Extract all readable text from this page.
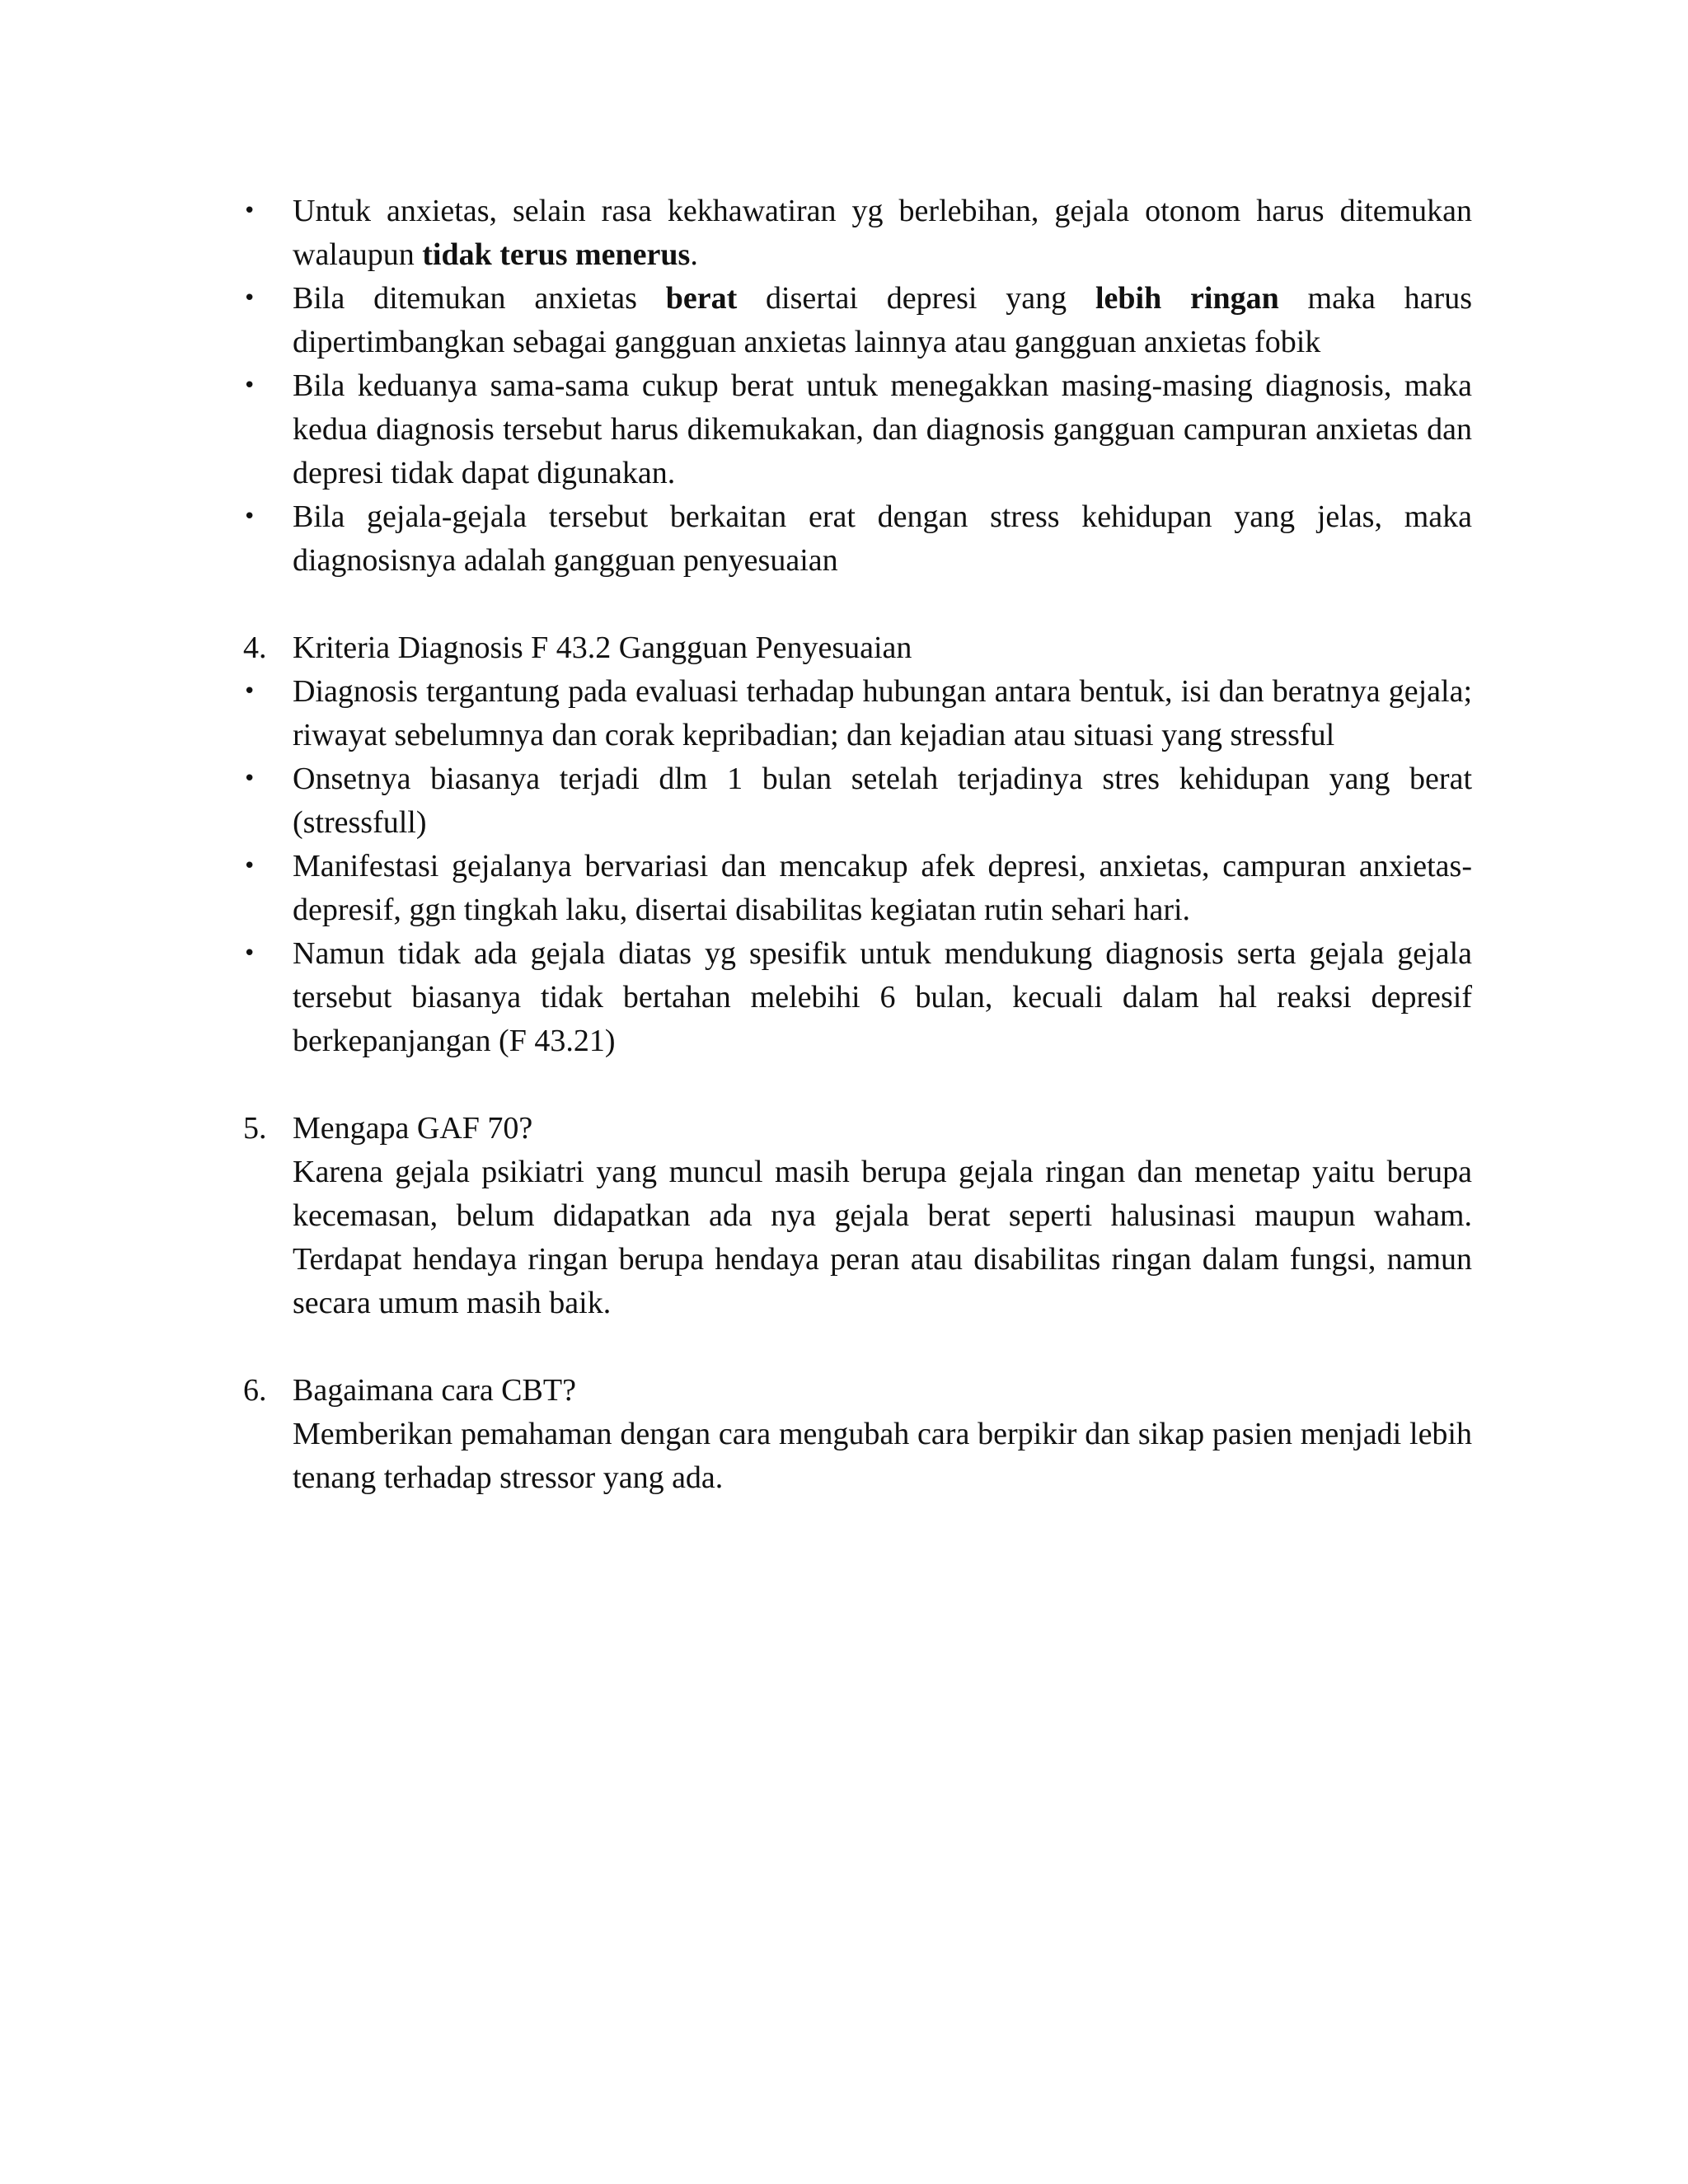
• Untuk anxietas, selain rasa kekhawatiran yg berlebihan, gejala otonom harus ditemukan walaupun tidak terus menerus.
• Bila ditemukan anxietas berat disertai depresi yang lebih ringan maka harus dipertimbangkan sebagai gangguan anxietas lainnya atau gangguan anxietas fobik
• Bila keduanya sama-sama cukup berat untuk menegakkan masing-masing diagnosis, maka kedua diagnosis tersebut harus dikemukakan, dan diagnosis gangguan campuran anxietas dan depresi tidak dapat digunakan.
• Bila gejala-gejala tersebut berkaitan erat dengan stress kehidupan yang jelas, maka diagnosisnya adalah gangguan penyesuaian

4. Kriteria Diagnosis F 43.2 Gangguan Penyesuaian

• Diagnosis tergantung pada evaluasi terhadap hubungan antara bentuk, isi dan beratnya gejala; riwayat sebelumnya dan corak kepribadian; dan kejadian atau situasi yang stressful
• Onsetnya biasanya terjadi dlm 1 bulan setelah terjadinya stres kehidupan yang berat (stressfull)
• Manifestasi gejalanya bervariasi dan mencakup afek depresi, anxietas, campuran anxietas-depresif, ggn tingkah laku, disertai disabilitas kegiatan rutin sehari hari.
• Namun tidak ada gejala diatas yg spesifik untuk mendukung diagnosis serta gejala gejala tersebut biasanya tidak bertahan melebihi 6 bulan, kecuali dalam hal reaksi depresif berkepanjangan (F 43.21)

5. Mengapa GAF 70?

Karena gejala psikiatri yang muncul masih berupa gejala ringan dan menetap yaitu berupa kecemasan, belum didapatkan ada nya gejala berat seperti halusinasi maupun waham. Terdapat hendaya ringan berupa hendaya peran atau disabilitas ringan dalam fungsi, namun secara umum masih baik.

6. Bagaimana cara CBT?

Memberikan pemahaman dengan cara mengubah cara berpikir dan sikap pasien menjadi lebih tenang terhadap stressor yang ada.
